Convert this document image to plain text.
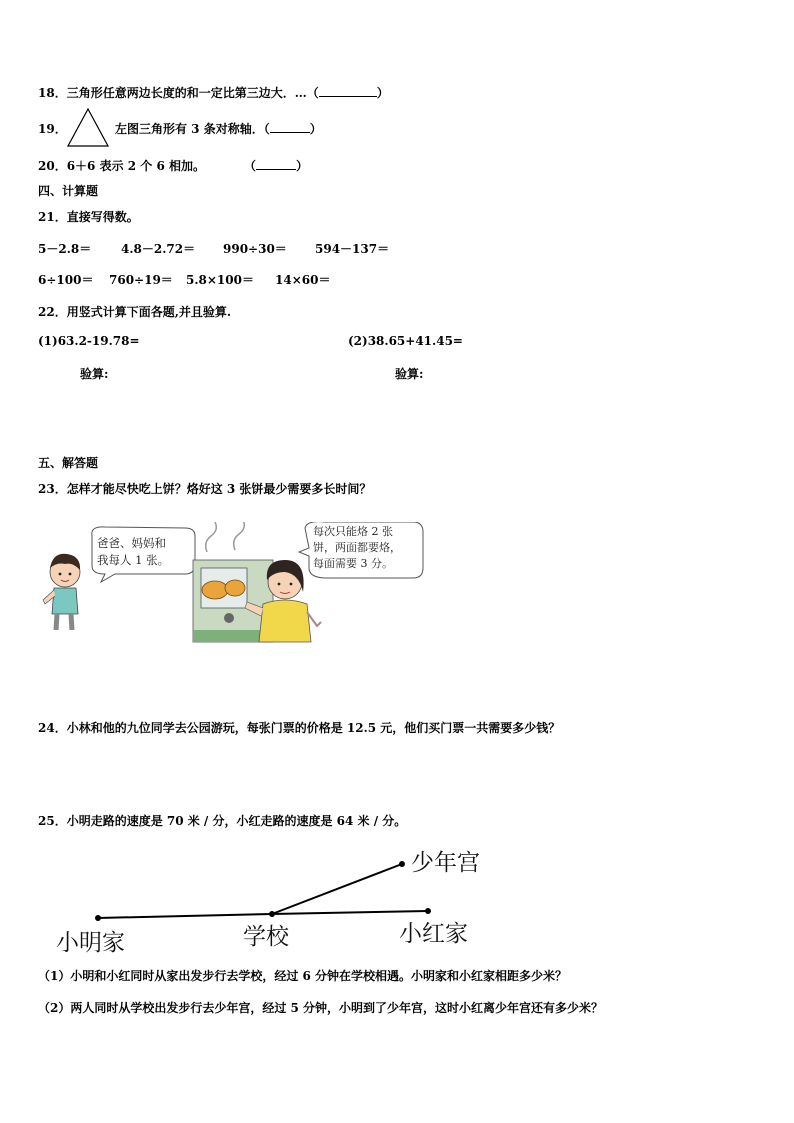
18．三角形任意两边长度的和一定比第三边大．…（	）
19．	左图三角形有 3 条对称轴．（	）
20．6＋6 表示 2 个 6 相加。	（	）
四、计算题
21．直接写得数。
5－2.8＝ 4.8－2.72＝ 990÷30＝ 594－137＝
6÷100＝ 760÷19＝ 5.8×100＝ 14×60＝
22．用竖式计算下面各题,并且验算.
(1)63.2-19.78=	(2)38.65+41.45=
验算:	验算:
五、解答题
23．怎样才能尽快吃上饼？烙好这 3 张饼最少需要多长时间？
爸爸、妈妈和
我每人 1 张。
每次只能烙 2 张
饼，两面都要烙，
每面需要 3 分。
24．小林和他的九位同学去公园游玩，每张门票的价格是 12.5 元，他们买门票一共需要多少钱？
25．小明走路的速度是 70 米 / 分，小红走路的速度是 64 米 / 分。
小明家	学校	小红家
少年宫
（1）小明和小红同时从家出发步行去学校，经过 6 分钟在学校相遇。小明家和小红家相距多少米？
（2）两人同时从学校出发步行去少年宫，经过 5 分钟，小明到了少年宫，这时小红离少年宫还有多少米？
